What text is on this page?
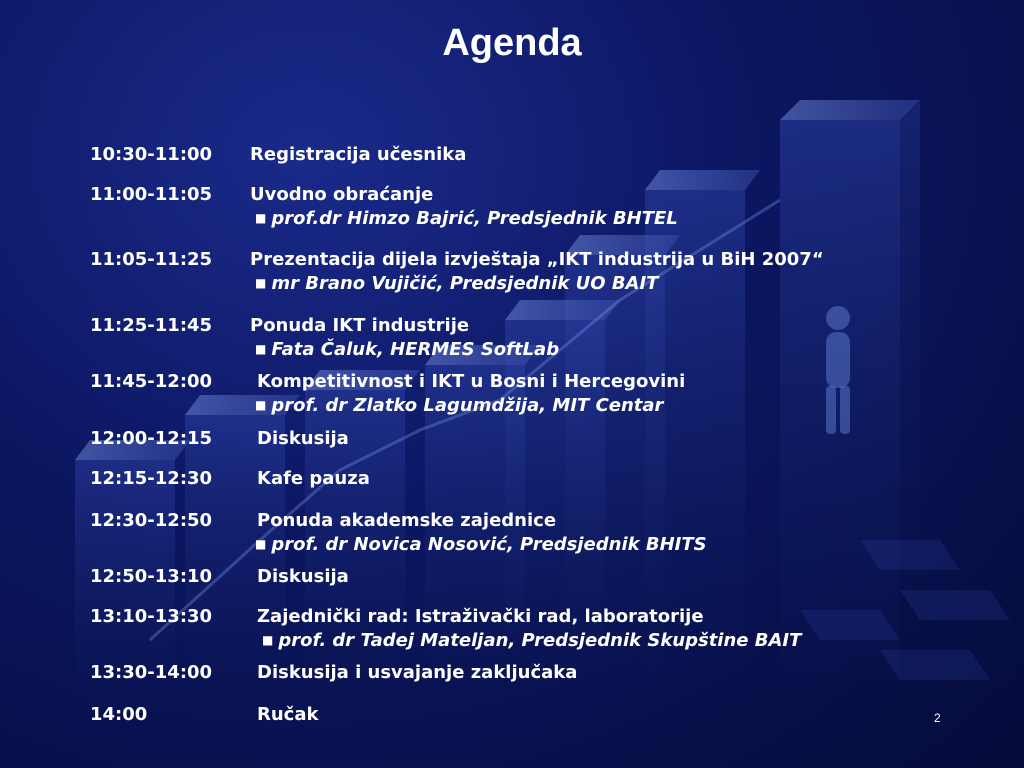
Agenda
10:30-11:00 Registracija učesnika
11:00-11:05 Uvodno obraćanje
■ prof.dr Himzo Bajrić, Predsjednik BHTEL
11:05-11:25 Prezentacija dijela izvještaja „IKT industrija u BiH 2007“
■ mr Brano Vujičić, Predsjednik UO BAIT
11:25-11:45 Ponuda IKT industrije
■ Fata Čaluk, HERMES SoftLab
11:45-12:00 Kompetitivnost i IKT u Bosni i Hercegovini
■ prof. dr Zlatko Lagumdžija, MIT Centar
12:00-12:15 Diskusija
12:15-12:30 Kafe pauza
12:30-12:50 Ponuda akademske zajednice
■ prof. dr Novica Nosović, Predsjednik BHITS
12:50-13:10 Diskusija
13:10-13:30 Zajednički rad: Istraživački rad, laboratorije
■ prof. dr Tadej Mateljan, Predsjednik Skupštine BAIT
13:30-14:00 Diskusija i usvajanje zaključaka
14:00	Ručak	2
